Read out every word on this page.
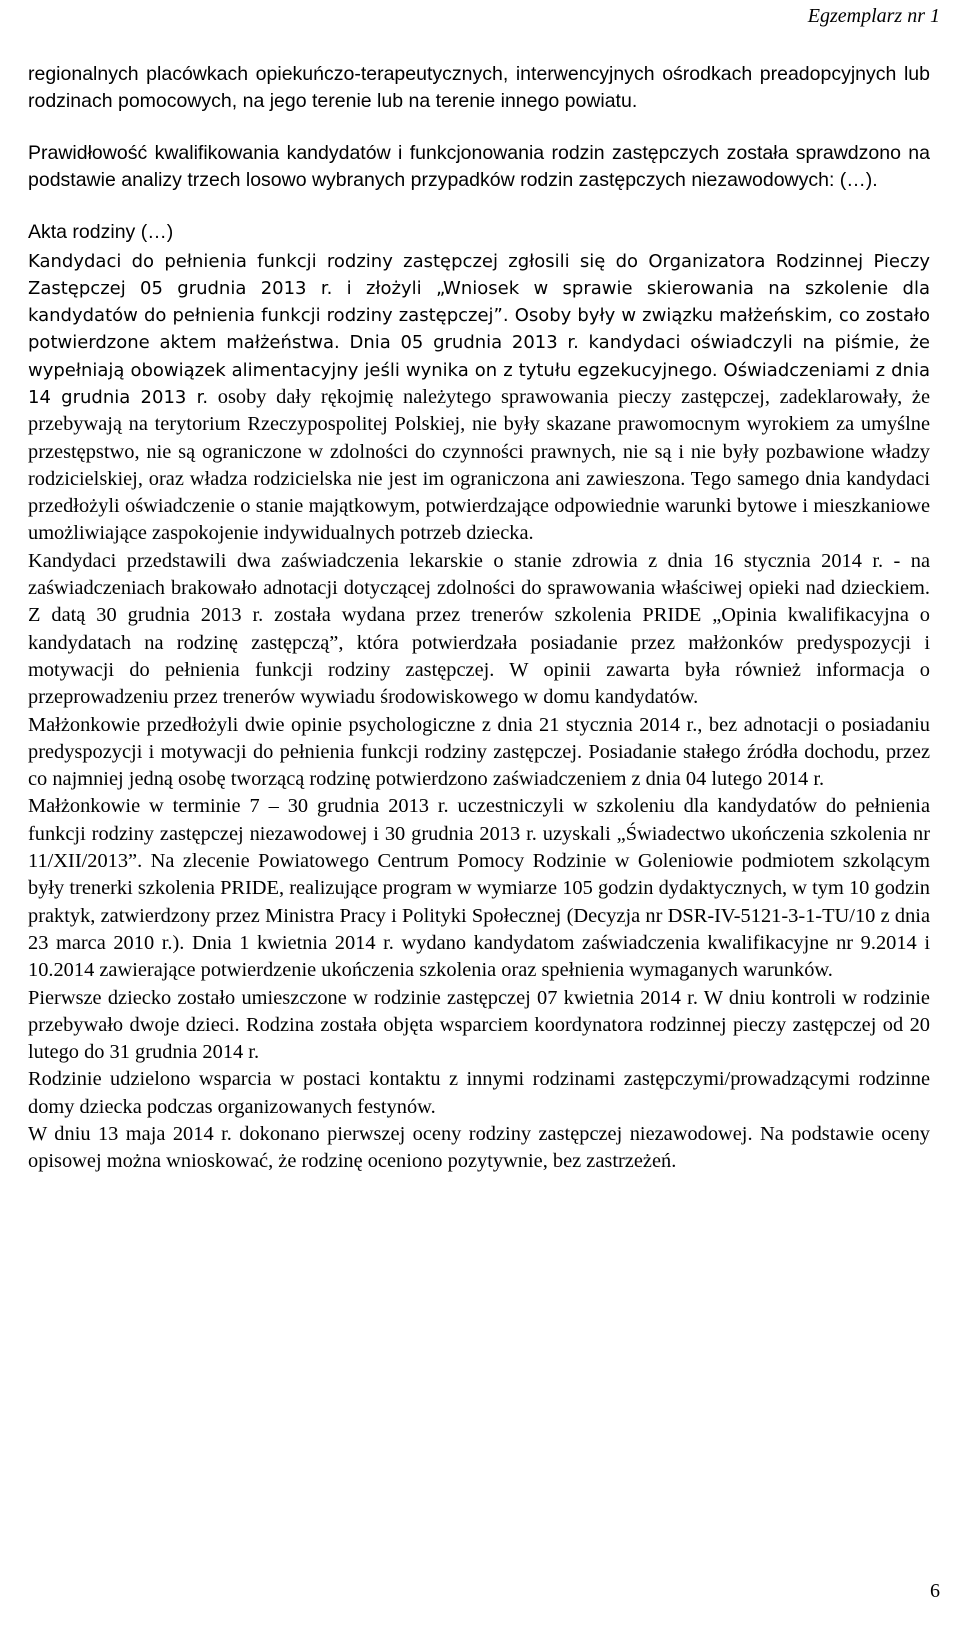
Egzemplarz nr 1

regionalnych placówkach opiekuńczo-terapeutycznych, interwencyjnych ośrodkach preadopcyjnych lub rodzinach pomocowych, na jego terenie lub na terenie innego powiatu.

Prawidłowość kwalifikowania kandydatów i funkcjonowania rodzin zastępczych została sprawdzono na podstawie analizy trzech losowo wybranych przypadków rodzin zastępczych niezawodowych: (…).

Akta rodziny (…)

Kandydaci do pełnienia funkcji rodziny zastępczej zgłosili się do Organizatora Rodzinnej Pieczy Zastępczej 05 grudnia 2013 r. i złożyli „Wniosek w sprawie skierowania na szkolenie dla kandydatów do pełnienia funkcji rodziny zastępczej”. Osoby były w związku małżeńskim, co zostało potwierdzone aktem małżeństwa. Dnia 05 grudnia 2013 r. kandydaci oświadczyli na piśmie, że wypełniają obowiązek alimentacyjny jeśli wynika on z tytułu egzekucyjnego. Oświadczeniami z dnia 14 grudnia 2013 r. osoby dały rękojmię należytego sprawowania pieczy zastępczej, zadeklarowały, że przebywają na terytorium Rzeczypospolitej Polskiej, nie były skazane prawomocnym wyrokiem za umyślne przestępstwo, nie są ograniczone w zdolności do czynności prawnych, nie są i nie były pozbawione władzy rodzicielskiej, oraz władza rodzicielska nie jest im ograniczona ani zawieszona. Tego samego dnia kandydaci przedłożyli oświadczenie o stanie majątkowym, potwierdzające odpowiednie warunki bytowe i mieszkaniowe umożliwiające zaspokojenie indywidualnych potrzeb dziecka.

Kandydaci przedstawili dwa zaświadczenia lekarskie o stanie zdrowia z dnia 16 stycznia 2014 r. - na zaświadczeniach brakowało adnotacji dotyczącej zdolności do sprawowania właściwej opieki nad dzieckiem. Z datą 30 grudnia 2013 r. została wydana przez trenerów szkolenia PRIDE „Opinia kwalifikacyjna o kandydatach na rodzinę zastępczą”, która potwierdzała posiadanie przez małżonków predyspozycji i motywacji do pełnienia funkcji rodziny zastępczej. W opinii zawarta była również informacja o przeprowadzeniu przez trenerów wywiadu środowiskowego w domu kandydatów.

Małżonkowie przedłożyli dwie opinie psychologiczne z dnia 21 stycznia 2014 r., bez adnotacji o posiadaniu predyspozycji i motywacji do pełnienia funkcji rodziny zastępczej. Posiadanie stałego źródła dochodu, przez co najmniej jedną osobę tworzącą rodzinę potwierdzono zaświadczeniem z dnia 04 lutego 2014 r.

Małżonkowie w terminie 7 – 30 grudnia 2013 r. uczestniczyli w szkoleniu dla kandydatów do pełnienia funkcji rodziny zastępczej niezawodowej i 30 grudnia 2013 r. uzyskali „Świadectwo ukończenia szkolenia nr 11/XII/2013”. Na zlecenie Powiatowego Centrum Pomocy Rodzinie w Goleniowie podmiotem szkolącym były trenerki szkolenia PRIDE, realizujące program w wymiarze 105 godzin dydaktycznych, w tym 10 godzin praktyk, zatwierdzony przez Ministra Pracy i Polityki Społecznej (Decyzja nr DSR-IV-5121-3-1-TU/10 z dnia 23 marca 2010 r.). Dnia 1 kwietnia 2014 r. wydano kandydatom zaświadczenia kwalifikacyjne nr 9.2014 i 10.2014 zawierające potwierdzenie ukończenia szkolenia oraz spełnienia wymaganych warunków.

Pierwsze dziecko zostało umieszczone w rodzinie zastępczej 07 kwietnia 2014 r. W dniu kontroli w rodzinie przebywało dwoje dzieci. Rodzina została objęta wsparciem koordynatora rodzinnej pieczy zastępczej od 20 lutego do 31 grudnia 2014 r.

Rodzinie udzielono wsparcia w postaci kontaktu z innymi rodzinami zastępczymi/prowadzącymi rodzinne domy dziecka podczas organizowanych festynów.

W dniu 13 maja 2014 r. dokonano pierwszej oceny rodziny zastępczej niezawodowej. Na podstawie oceny opisowej można wnioskować, że rodzinę oceniono pozytywnie, bez zastrzeżeń.

6
